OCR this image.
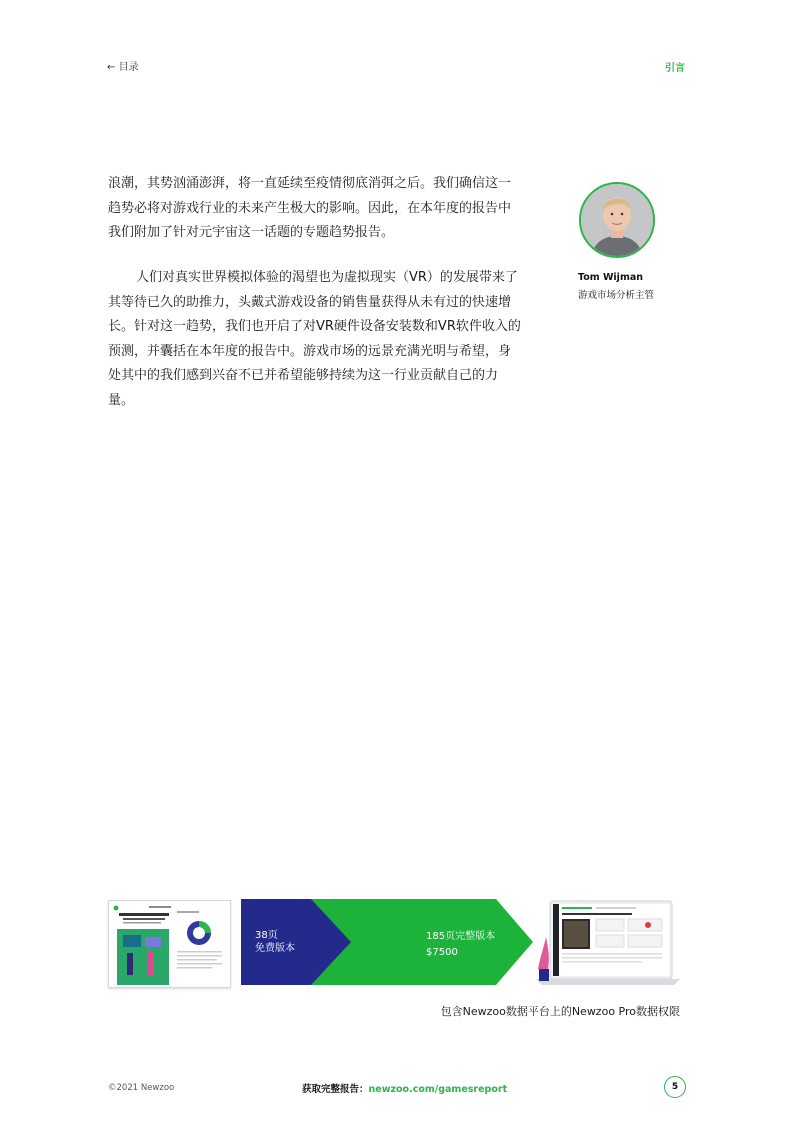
← 目录	引言

浪潮，其势汹涌澎湃，将一直延续至疫情彻底消弭之后。我们确信这一趋势必将对游戏行业的未来产生极大的影响。因此，在本年度的报告中我们附加了针对元宇宙这一话题的专题趋势报告。

人们对真实世界模拟体验的渴望也为虚拟现实（VR）的发展带来了其等待已久的助推力，头戴式游戏设备的销售量获得从未有过的快速增长。针对这一趋势，我们也开启了对VR硬件设备安装数和VR软件收入的预测，并囊括在本年度的报告中。游戏市场的远景充满光明与希望，身处其中的我们感到兴奋不已并希望能够持续为这一行业贡献自己的力量。

Tom Wijman
游戏市场分析主管
38页
免费版本
185页完整版本
$7500
包含Newzoo数据平台上的Newzoo Pro数据权限
©2021 Newzoo	获取完整报告：newzoo.com/gamesreport	5
